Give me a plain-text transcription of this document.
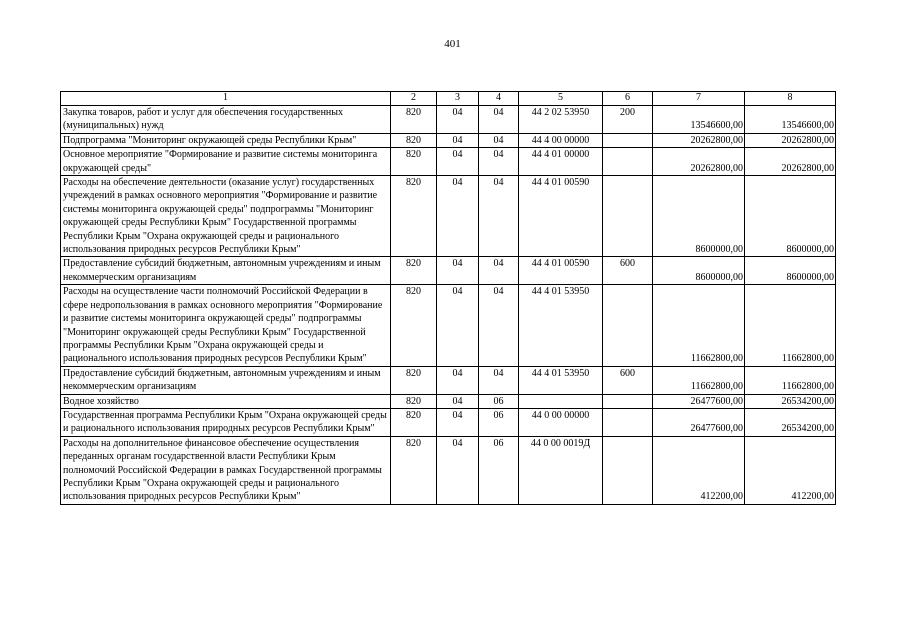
401
1	2	3	4	5	6	7	8
Закупка товаров, работ и услуг для обеспечения государственных (муниципальных) нужд	820	04	04	44 2 02 53950	200	13546600,00	13546600,00
Подпрограмма "Мониторинг окружающей среды Республики Крым"	820	04	04	44 4 00 00000		20262800,00	20262800,00
Основное мероприятие "Формирование и развитие системы мониторинга окружающей среды"	820	04	04	44 4 01 00000		20262800,00	20262800,00
Расходы на обеспечение деятельности (оказание услуг) государственных учреждений в рамках основного мероприятия "Формирование и развитие системы мониторинга окружающей среды" подпрограммы "Мониторинг окружающей среды Республики Крым" Государственной программы Республики Крым "Охрана окружающей среды и рационального использования природных ресурсов Республики Крым"	820	04	04	44 4 01 00590		8600000,00	8600000,00
Предоставление субсидий бюджетным, автономным учреждениям и иным некоммерческим организациям	820	04	04	44 4 01 00590	600	8600000,00	8600000,00
Расходы на осуществление части полномочий Российской Федерации в сфере недропользования в рамках основного мероприятия "Формирование и развитие системы мониторинга окружающей среды" подпрограммы "Мониторинг окружающей среды Республики Крым" Государственной программы Республики Крым "Охрана окружающей среды и рационального использования природных ресурсов Республики Крым"	820	04	04	44 4 01 53950		11662800,00	11662800,00
Предоставление субсидий бюджетным, автономным учреждениям и иным некоммерческим организациям	820	04	04	44 4 01 53950	600	11662800,00	11662800,00
Водное хозяйство	820	04	06			26477600,00	26534200,00
Государственная программа Республики Крым "Охрана окружающей среды и рационального использования природных ресурсов Республики Крым"	820	04	06	44 0 00 00000		26477600,00	26534200,00
Расходы на дополнительное финансовое обеспечение осуществления переданных органам государственной власти Республики Крым полномочий Российской Федерации в рамках Государственной программы Республики Крым "Охрана окружающей среды и рационального использования природных ресурсов Республики Крым"	820	04	06	44 0 00 0019Д		412200,00	412200,00
